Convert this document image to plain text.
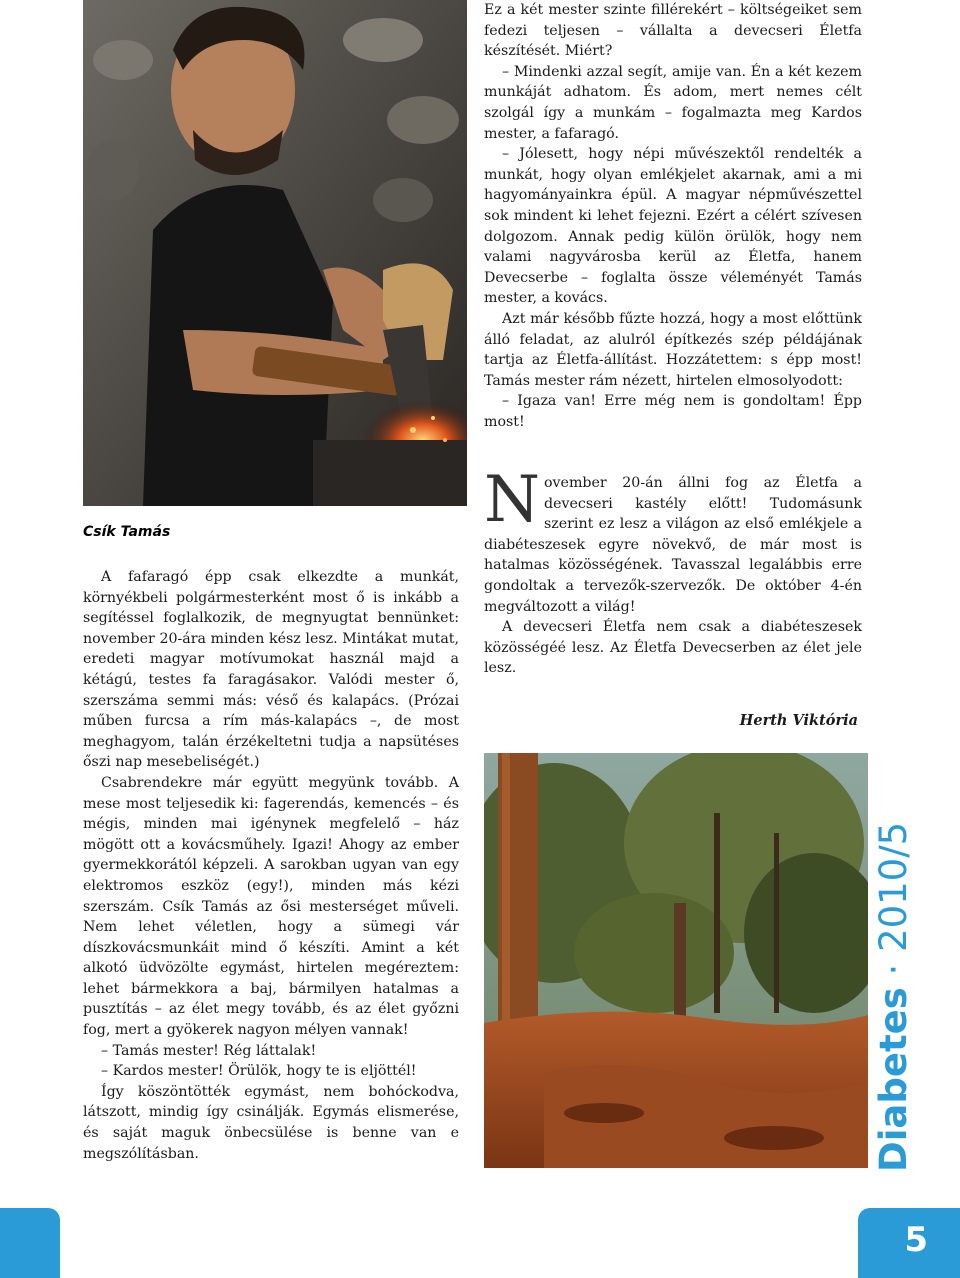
Csík Tamás

Ez a két mester szinte fillérekért – költségeiket sem fedezi teljesen – vállalta a devecseri Életfa készítését. Miért?

– Mindenki azzal segít, amije van. Én a két kezem munkáját adhatom. És adom, mert nemes célt szolgál így a munkám – fogalmazta meg Kardos mester, a fafaragó.

– Jólesett, hogy népi művészektől rendelték a munkát, hogy olyan emlékjelet akarnak, ami a mi hagyományainkra épül. A magyar népművészettel sok mindent ki lehet fejezni. Ezért a célért szívesen dolgozom. Annak pedig külön örülök, hogy nem valami nagyvárosba kerül az Életfa, hanem Devecserbe – foglalta össze véleményét Tamás mester, a kovács.

Azt már később fűzte hozzá, hogy a most előttünk álló feladat, az alulról építkezés szép példájának tartja az Életfa-állítást. Hozzátettem: s épp most! Tamás mester rám nézett, hirtelen elmosolyodott:

– Igaza van! Erre még nem is gondoltam! Épp most!

November 20-án állni fog az Életfa a devecseri kastély előtt! Tudomásunk szerint ez lesz a világon az első emlékjele a diabéteszesek egyre növekvő, de már most is hatalmas közösségének. Tavasszal legalábbis erre gondoltak a tervezők-szervezők. De október 4-én megváltozott a világ!

A devecseri Életfa nem csak a diabéteszesek közösségéé lesz. Az Életfa Devecserben az élet jele lesz.

Herth Viktória

A fafaragó épp csak elkezdte a munkát, környékbeli polgármesterként most ő is inkább a segítéssel foglalkozik, de megnyugtat bennünket: november 20-ára minden kész lesz. Mintákat mutat, eredeti magyar motívumokat használ majd a kétágú, testes fa faragásakor. Valódi mester ő, szerszáma semmi más: véső és kalapács. (Prózai műben furcsa a rím más-kalapács –, de most meghagyom, talán érzékeltetni tudja a napsütéses őszi nap mesebeliségét.)

Csabrendekre már együtt megyünk tovább. A mese most teljesedik ki: fagerendás, kemencés – és mégis, minden mai igénynek megfelelő – ház mögött ott a kovácsműhely. Igazi! Ahogy az ember gyermekkorától képzeli. A sarokban ugyan van egy elektromos eszköz (egy!), minden más kézi szerszám. Csík Tamás az ősi mesterséget műveli. Nem lehet véletlen, hogy a sümegi vár díszkovácsmunkáit mind ő készíti. Amint a két alkotó üdvözölte egymást, hirtelen megéreztem: lehet bármekkora a baj, bármilyen hatalmas a pusztítás – az élet megy tovább, és az élet győzni fog, mert a gyökerek nagyon mélyen vannak!

– Tamás mester! Rég láttalak!

– Kardos mester! Örülök, hogy te is eljöttél!

Így köszöntötték egymást, nem bohóckodva, látszott, mindig így csinálják. Egymás elismerése, és saját maguk önbecsülése is benne van e megszólításban.	Diabetes · 2010/5
5
